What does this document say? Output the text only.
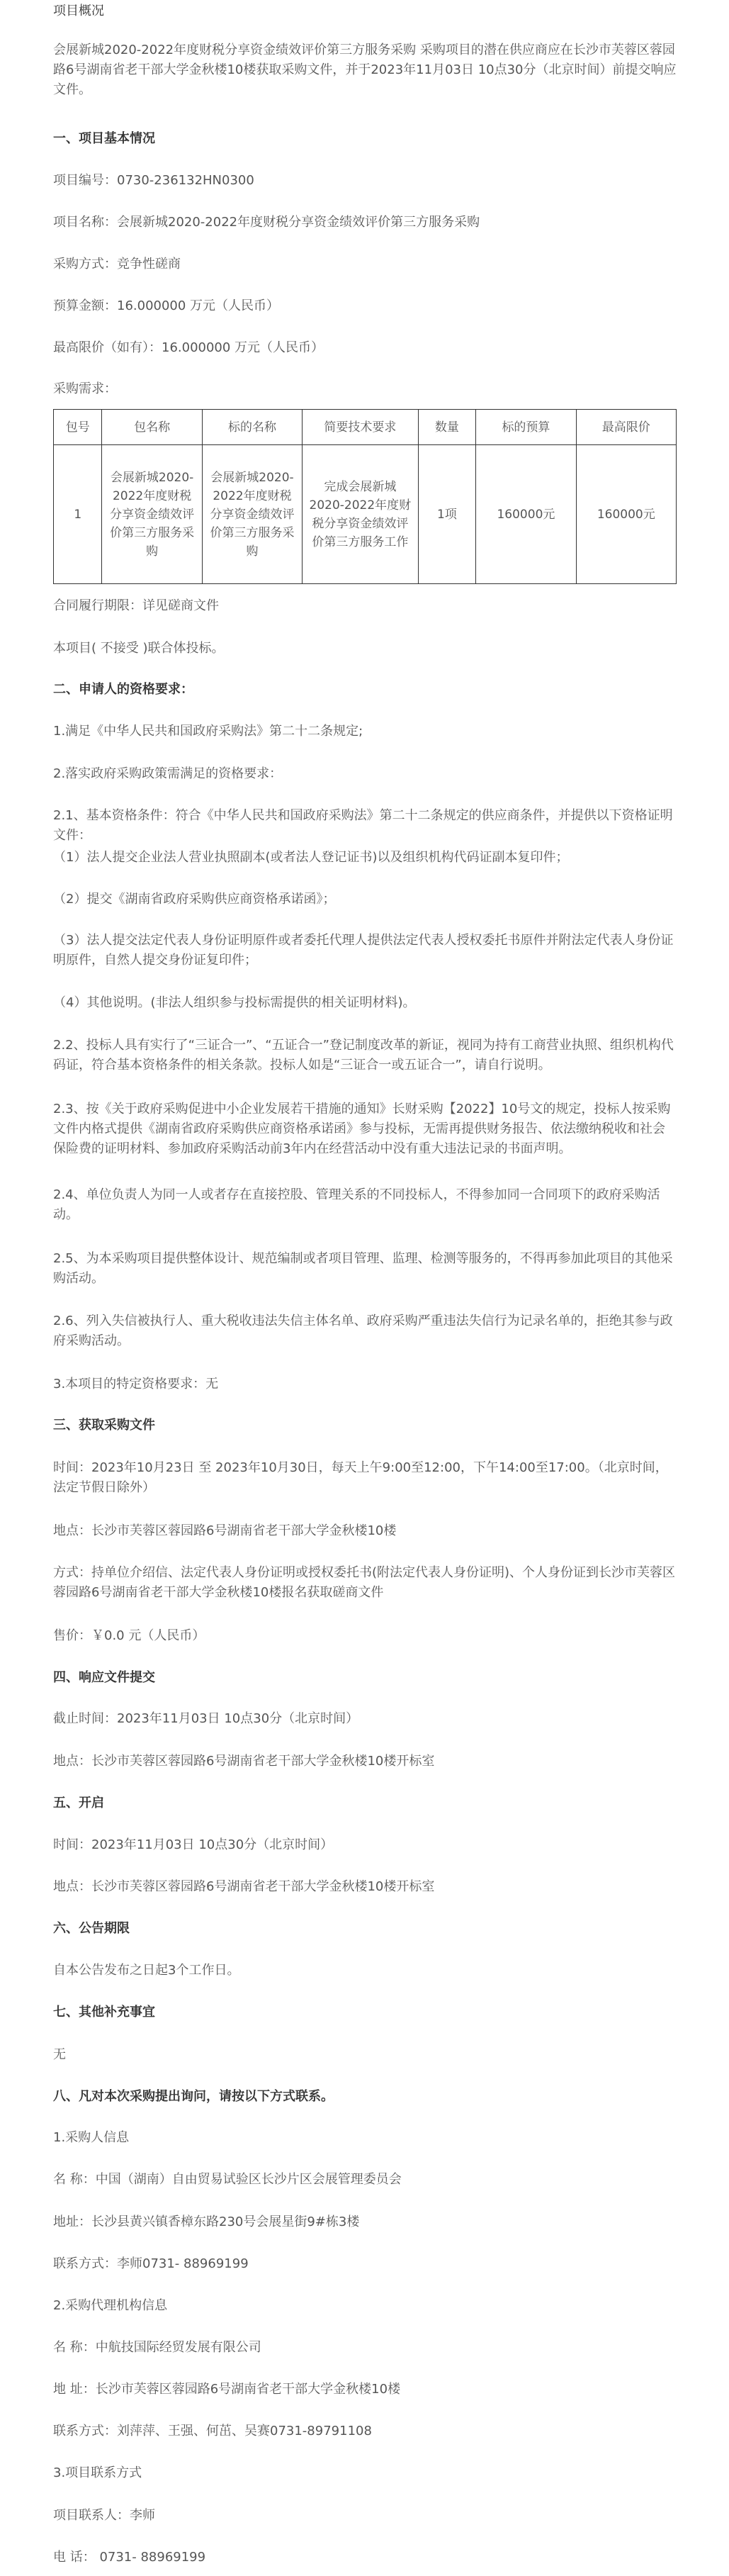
项目概况

会展新城2020-2022年度财税分享资金绩效评价第三方服务采购 采购项目的潜在供应商应在长沙市芙蓉区蓉园路6号湖南省老干部大学金秋楼10楼获取采购文件，并于2023年11月03日 10点30分（北京时间）前提交响应文件。

一、项目基本情况

项目编号：0730-236132HN0300

项目名称：会展新城2020-2022年度财税分享资金绩效评价第三方服务采购

采购方式：竞争性磋商

预算金额：16.000000 万元（人民币）

最高限价（如有）：16.000000 万元（人民币）

采购需求：

包号	包名称	标的名称	简要技术要求	数量	标的预算	最高限价
1	会展新城2020-2022年度财税分享资金绩效评价第三方服务采购	会展新城2020-2022年度财税分享资金绩效评价第三方服务采购	完成会展新城2020-2022年度财税分享资金绩效评价第三方服务工作	1项	160000元	160000元

合同履行期限：详见磋商文件

本项目( 不接受 )联合体投标。

二、申请人的资格要求：

1.满足《中华人民共和国政府采购法》第二十二条规定;

2.落实政府采购政策需满足的资格要求：

2.1、基本资格条件：符合《中华人民共和国政府采购法》第二十二条规定的供应商条件，并提供以下资格证明文件：

（1）法人提交企业法人营业执照副本(或者法人登记证书)以及组织机构代码证副本复印件；

（2）提交《湖南省政府采购供应商资格承诺函》；

（3）法人提交法定代表人身份证明原件或者委托代理人提供法定代表人授权委托书原件并附法定代表人身份证明原件，自然人提交身份证复印件；

（4）其他说明。(非法人组织参与投标需提供的相关证明材料)。

2.2、投标人具有实行了“三证合一”、“五证合一”登记制度改革的新证，视同为持有工商营业执照、组织机构代码证，符合基本资格条件的相关条款。投标人如是“三证合一或五证合一”，请自行说明。

2.3、按《关于政府采购促进中小企业发展若干措施的通知》长财采购【2022】10号文的规定，投标人按采购文件内格式提供《湖南省政府采购供应商资格承诺函》参与投标，无需再提供财务报告、依法缴纳税收和社会保险费的证明材料、参加政府采购活动前3年内在经营活动中没有重大违法记录的书面声明。

2.4、单位负责人为同一人或者存在直接控股、管理关系的不同投标人，不得参加同一合同项下的政府采购活动。

2.5、为本采购项目提供整体设计、规范编制或者项目管理、监理、检测等服务的，不得再参加此项目的其他采购活动。

2.6、列入失信被执行人、重大税收违法失信主体名单、政府采购严重违法失信行为记录名单的，拒绝其参与政府采购活动。

3.本项目的特定资格要求：无

三、获取采购文件

时间：2023年10月23日 至 2023年10月30日，每天上午9:00至12:00，下午14:00至17:00。（北京时间，法定节假日除外）

地点：长沙市芙蓉区蓉园路6号湖南省老干部大学金秋楼10楼

方式：持单位介绍信、法定代表人身份证明或授权委托书(附法定代表人身份证明)、个人身份证到长沙市芙蓉区蓉园路6号湖南省老干部大学金秋楼10楼报名获取磋商文件

售价：￥0.0 元（人民币）

四、响应文件提交

截止时间：2023年11月03日 10点30分（北京时间）

地点：长沙市芙蓉区蓉园路6号湖南省老干部大学金秋楼10楼开标室

五、开启

时间：2023年11月03日 10点30分（北京时间）

地点：长沙市芙蓉区蓉园路6号湖南省老干部大学金秋楼10楼开标室

六、公告期限

自本公告发布之日起3个工作日。

七、其他补充事宜

无

八、凡对本次采购提出询问，请按以下方式联系。

1.采购人信息

名 称：中国（湖南）自由贸易试验区长沙片区会展管理委员会

地址：长沙县黄兴镇香樟东路230号会展星街9#栋3楼

联系方式：李师0731- 88969199

2.采购代理机构信息

名 称：中航技国际经贸发展有限公司

地 址：长沙市芙蓉区蓉园路6号湖南省老干部大学金秋楼10楼

联系方式：刘萍萍、王强、何茁、吴赛0731-89791108

3.项目联系方式

项目联系人：李师

电 话： 0731- 88969199
